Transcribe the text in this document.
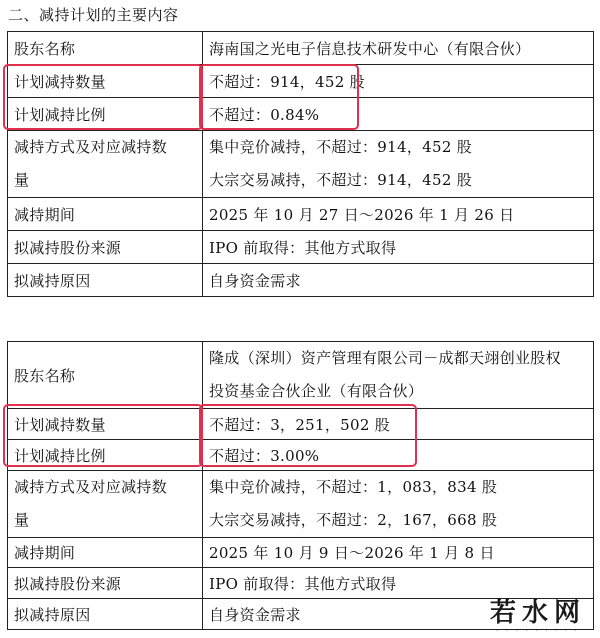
二、减持计划的主要内容
股东名称	海南国之光电子信息技术研发中心（有限合伙）
计划减持数量	不超过：914，452 股
计划减持比例	不超过：0.84%

减持方式及对应减持数
量	集中竞价减持，不超过：914，452 股
大宗交易减持，不超过：914，452 股

减持期间	2025 年 10 月 27 日～2026 年 1 月 26 日
拟减持股份来源	IPO 前取得：其他方式取得
拟减持原因	自身资金需求
股东名称	隆成（深圳）资产管理有限公司－成都天翊创业股权
投资基金合伙企业（有限合伙）

计划减持数量	不超过：3，251，502 股
计划减持比例	不超过：3.00%

减持方式及对应减持数
量	集中竞价减持，不超过：1，083，834 股
大宗交易减持，不超过：2，167，668 股

减持期间	2025 年 10 月 9 日～2026 年 1 月 8 日
拟减持股份来源	IPO 前取得：其他方式取得
拟减持原因	自身资金需求	若水网
· · · · · · · · ·
